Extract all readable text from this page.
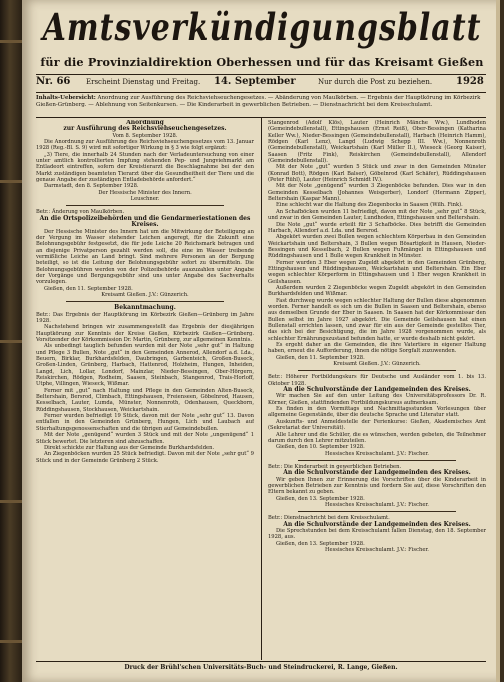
Amtsverkündigungsblatt
für die Provinzialdirektion Oberhessen und für das Kreisamt Gießen
Nr. 66 Erscheint Dienstag und Freitag. 14. September	Nur durch die Post zu beziehen. 1928
Inhalts-Uebersicht: Anordnung zur Ausführung des Reichsviehseuchengesetzes. — Abänderung von Maulkörben. — Ergebnis der Hauptkörung im Körbezirk Gießen-Grünberg. — Ablehnung von Seitenkursen. — Die Kinderarbeit in gewerblichen Betrieben. — Dienstnachricht bei dem Kreisschulamt.
Anordnung
zur Ausführung des Reichsviehseuchengesetzes.
Vom 8. September 1928.
Die Anordnung zur Ausführung des Reichsviehseuchengesetzes vom 13. Januar 1928 (Reg.-Bl. S. 9) wird mit sofortiger Wirkung in § 3 wie folgt ergänzt:
„3) Tiere, die innerhalb 24 Stunden nach der Verladeuntersuchung von einer unter amtlich kontrollierten Impfung stehenden Pep- und Jungviehmarkt am Entladeort eintreffen, sofern der Kreistierarzt die Beschlagnahme bei der den Markt zuständigen beamteten Tierarzt über die Gesundheitheit der Tiere und die genaue Angabe der zuständigen Entladebehörde anfordert.“
Darmstadt, den 8. September 1928.
Der Hessische Minister des Innern.
Leuschner.
Betr.: Änderung von Maulkörben.
An die Ortspolizeibehörden und die Gendarmeriestationen des Kreises.
Der Hessische Minister des Innern hat um die Mitwirkung der Beteiligung an der Vergung im Wasser stehender Leichen angeregt, für die Zukunft eine Belohnungsgebühr festgesetzt, die für jede Leiche 20 Reichsmark betragen und an diejenige Privatperson gezahlt werden soll, die eine im Wasser treibende vermißliche Leiche an Land bringt. Sind mehrere Personen an der Bergung beteiligt, so ist die Leitung der Belohnungsgebühr sofort zu übermitteln. Die Belohnungsgebühren werden von der Polizeibehörde auszuzahlen unter Angabe der Vorgänge und Bergungsgebühr sind uns unter Angabe des Sachverhalts vorzulegen.
Gießen, den 11. September 1928.
Kreisamt Gießen. J.V.: Günzerich.
Bekanntmachung.
Betr.: Das Ergebnis der Hauptkörung im Körbezirk Gießen—Grünberg im Jahre 1928.
Nachstehend bringen wir zusammengestellt das Ergebnis der diesjährigen Hauptkörung zur Kenntnis der Kreise Gießen, Körbezirk Gießen—Grünberg. Vorsitzender der Körkommission Dr. Martin, Grünberg, zur allgemeinen Kenntnis.
Als unbedingt tauglich befunden wurden mit der Note „sehr gut“ in Haltung und Pflege 3 Bullen, Note „gut“ in den Gemeinden Annerod, Allendorf a.d. Lda., Beuern, Birklar, Burkhardsfelden, Daubringen, Garbenteich, Großen-Buseck, Großen-Linden, Grünberg, Harbach, Hattenrod, Holzheim, Hungen, Inheiden, Langd, Lich, Lollar, Londorf, Mainzlar, Nieder-Bessingen, Ober-Hörgern, Reiskirchen, Rödgen, Rodheim, Saasen, Steinbach, Stangenrod, Trais-Horloff, Utphe, Villingen, Wieseck, Wißmar.
Ferner mit „gut“ nach Haltung und Pflege in den Gemeinden Alten-Buseck, Beltershain, Bersrod, Climbach, Ettingshausen, Freienseen, Göbelnrod, Hausen, Kesselbach, Lauter, Lumda, Münster, Nonnenroth, Odenhausen, Queckborn, Rüddingshausen, Stockhausen, Weickartshain.
Ferner wurden befriedigt 19 Stück, davon mit der Note „sehr gut“ 13. Davon entfallen in den Gemeinden Grünberg, Hungen, Lich und Laubach auf Stierhaltungsgenossenschaften und die übrigen auf Gemeindebullen.
Mit der Note „genügend“ wurden 3 Stück und mit der Note „ungenügend“ 1 Stück bewertet. Die letzteren sind abzuschaffen.
Direkt schickte zur Haltung aus der Gemeinde Burkhardsfelden.
An Ziegenböcken wurden 25 Stück befriedigt. Davon mit der Note „sehr gut“ 9 Stück und in der Gemeinde Grünberg 2 Stück.
Stangenrod (Adolf Klös), Lauter (Heinrich Mänche Ww.), Lundhoden (Gemeindebullenstall), Ettingshausen (Ernst Reiß), Ober-Bessingen (Katharina Keller Ww.), Nieder-Bessingen (Gemeindebullenstall), Harbach (Heinrich Hamm), Rödgen (Karl Lenz), Langd (Ludwig Schepp III. Ww.), Nonnenroth (Gemeindebullenstall), Weickartshain (Karl Müller II.), Wieseck (Georg Kaiser), Saasen (Fritz Fink), Reiskirchen (Gemeindebullenstall), Allendorf (Gemeindebullenstall).
Mit der Note „gut“ wurden 5 Stück und zwar in den Gemeinden Münster (Konrad Bott), Rödgen (Karl Balser), Göbelnrod (Karl Schäfer), Rüddingshausen (Peter Rühl), Lauter (Heinrich Schmidt IV.).
Mit der Note „genügend“ wurden 3 Ziegenböcke befunden. Dies war in den Gemeinden Kesselbach (Johannes Weisgerber), Londorf (Hermann Zipper), Beltershain (Kaspar Mann).
Eine schlecht war die Haltung des Ziegenbocks in Saasen (Wilh. Fink).
An Schafböcken wurden 11 befriedigt, davon mit der Note „sehr gut“ 8 Stück, und zwar in den Gemeinden Lauter, Lundhoden, Ettingshausen und Beltershain.
Die Note „gut“ wurde erteilt für 3 Schafböcke. Dies betrifft die Gemeinden Harbach, Allendorf a.d. Lda. und Bersrod.
Abgekört wurden zwei Bullen wegen schlechtem Körperbau in den Gemeinden Weickartshain und Beltershain, 3 Bullen wegen Bösartigkeit in Hausen, Nieder-Bessingen und Kesselbach, 2 Bullen wegen Fußmängel in Ettingshausen und Rüddingshausen und 1 Bulle wegen Krankheit in Münster.
Ferner wurden 3 Eber wegen Zugeldt abgekört in den Gemeinden Grünberg, Ettingshausen und Rüddingshausen, Weickartshain und Beltershain. Ein Eber wegen schlechter Körperform in Ettingshausen und 1 Eber wegen Krankheit in Geilshausen.
Außerdem wurden 2 Ziegenböcke wegen Zugeldt abgekört in den Gemeinden Burkhardsfelden und Wißmar.
Fast durchweg wurde wegen schlechter Haltung der Bullen diese abgenommen worden. Ferner handelt es sich um die Bullen in Saasen und Beltershain, ebenso aus demselben Grunde der Eber in Saasen. In Saasen hat der Körkommissar den Bullen selbst im Jahre 1927 abgekört. Die Gemeinde Geilshausen hat einen Bullenstall errichten lassen, und zwar für ein aus der Gemeinde gestelltes Tier, das sich bei der Besichtigung, die im Jahre 1928 vorgenommen wurde, als schlechter Ernährungszustand befunden hatte, er wurde deshalb nicht gekört.
Es ergeht daher an die Gemeinden, die ihre Vatertiere in eigener Haltung haben, erneut die Aufforderung, ihnen die nötige Sorgfalt zuzuwenden.
Gießen, den 11. September 1928.
Kreisamt Gießen. J.V.: Günzerich.
Betr.: Höherer Fortbildungskurs für Deutsche und Ausländer vom 1. bis 13. Oktober 1928.
An die Schulvorstände der Landgemeinden des Kreises.
Wir machen Sie auf den unter Leitung des Universitätsprofessors Dr. R. Körner, Gießen, stattfindenden Fortbildungskursus aufmerksam.
Es finden in den Vormittags und Nachmittagsstunden Vorlesungen über allgemeine Gegenstände, über die deutsche Sprache und Literatur statt.
Auskunfts- und Anmeldestelle der Ferienkurse: Gießen, Akademisches Amt (Sekretariat der Universität).
Alle Lehrer und die Schüler, die es wünschen, werden gebeten, die Teilnehmer darum durch den Lehrer mitzuteilen.
Gießen, den 10. September 1928.
Hessisches Kreisschulamt. J.V.: Fischer.
Betr.: Die Kinderarbeit in gewerblichen Betrieben.
An die Schulvorstände der Landgemeinden des Kreises.
Wir geben Ihnen zur Erinnerung die Vorschriften über die Kinderarbeit in gewerblichen Betrieben zur Kenntnis und fordern Sie auf, diese Vorschriften den Eltern bekannt zu geben.
Gießen, den 13. September 1928.
Hessisches Kreisschulamt. J.V.: Fischer.
Betr.: Dienstnachricht bei dem Kreisschulamt.
An die Schulvorstände der Landgemeinden des Kreises.
Die Sprechstunden bei dem Kreisschulamt fallen Dienstag, den 18. September 1928, aus.
Gießen, den 13. September 1928.
Hessisches Kreisschulamt. J.V.: Fischer.
Druck der Brühl'schen Universitäts-Buch- und Steindruckerei, R. Lange, Gießen.
